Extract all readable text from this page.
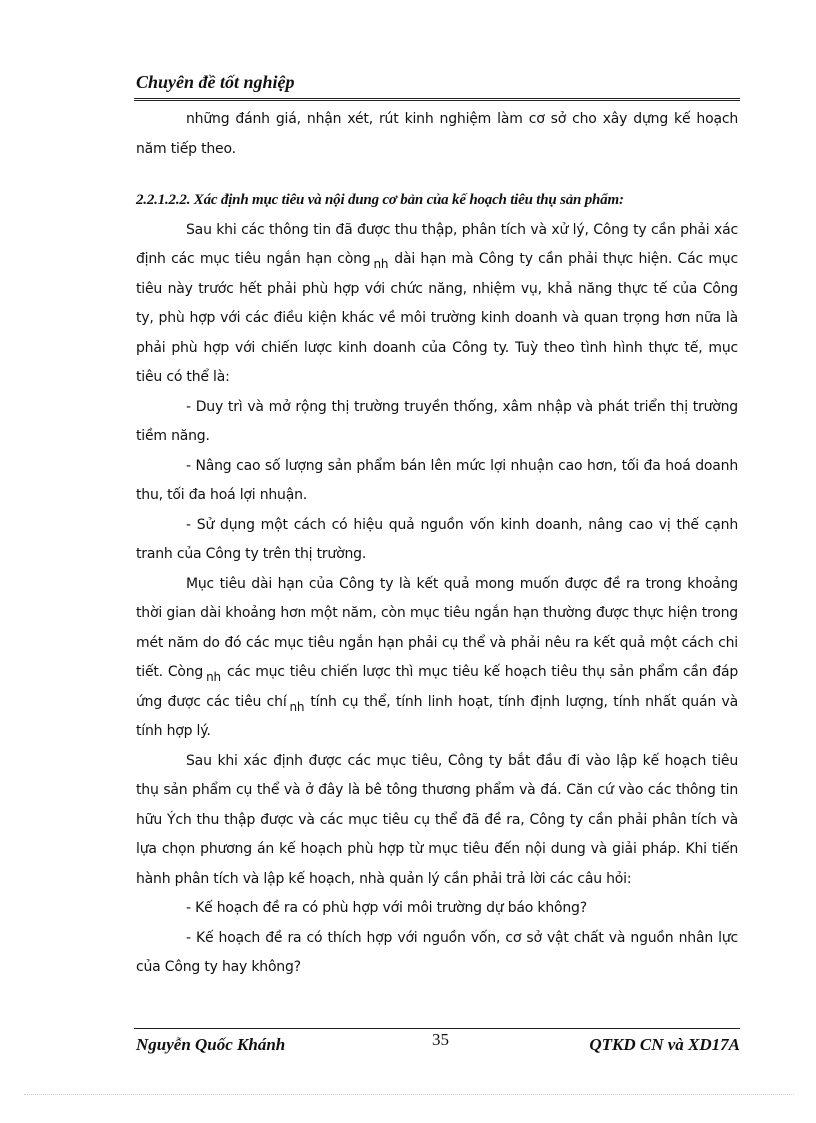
Chuyên đề tốt nghiệp

những đánh giá, nhận xét, rút kinh nghiệm làm cơ sở cho xây dựng kế hoạch năm tiếp theo.

2.2.1.2.2. Xác định mục tiêu và nội dung cơ bản của kế hoạch tiêu thụ sản phẩm:

Sau khi các thông tin đã được thu thập, phân tích và xử lý, Công ty cần phải xác định các mục tiêu ngắn hạn còng nh dài hạn mà Công ty cần phải thực hiện. Các mục tiêu này trước hết phải phù hợp với chức năng, nhiệm vụ, khả năng thực tế của Công ty, phù hợp với các điều kiện khác về môi trường kinh doanh và quan trọng hơn nữa là phải phù hợp với chiến lược kinh doanh của Công ty. Tuỳ theo tình hình thực tế, mục tiêu có thể là:

- Duy trì và mở rộng thị trường truyền thống, xâm nhập và phát triển thị trường tiềm năng.

- Nâng cao số lượng sản phẩm bán lên mức lợi nhuận cao hơn, tối đa hoá doanh thu, tối đa hoá lợi nhuận.

- Sử dụng một cách có hiệu quả nguồn vốn kinh doanh, nâng cao vị thế cạnh tranh của Công ty trên thị trường.

Mục tiêu dài hạn của Công ty là kết quả mong muốn được đề ra trong khoảng thời gian dài khoảng hơn một năm, còn mục tiêu ngắn hạn thường được thực hiện trong mét năm do đó các mục tiêu ngắn hạn phải cụ thể và phải nêu ra kết quả một cách chi tiết. Còng nh các mục tiêu chiến lược thì mục tiêu kế hoạch tiêu thụ sản phẩm cần đáp ứng được các tiêu chí nh tính cụ thể, tính linh hoạt, tính định lượng, tính nhất quán và tính hợp lý.

Sau khi xác định được các mục tiêu, Công ty bắt đầu đi vào lập kế hoạch tiêu thụ sản phẩm cụ thể và ở đây là bê tông thương phẩm và đá. Căn cứ vào các thông tin hữu Ých thu thập được và các mục tiêu cụ thể đã đề ra, Công ty cần phải phân tích và lựa chọn phương án kế hoạch phù hợp từ mục tiêu đến nội dung và giải pháp. Khi tiến hành phân tích và lập kế hoạch, nhà quản lý cần phải trả lời các câu hỏi:

- Kế hoạch đề ra có phù hợp với môi trường dự báo không?

- Kế hoạch đề ra có thích hợp với nguồn vốn, cơ sở vật chất và nguồn nhân lực của Công ty hay không?

Nguyễn Quốc Khánh	35	QTKD CN và XD17A
